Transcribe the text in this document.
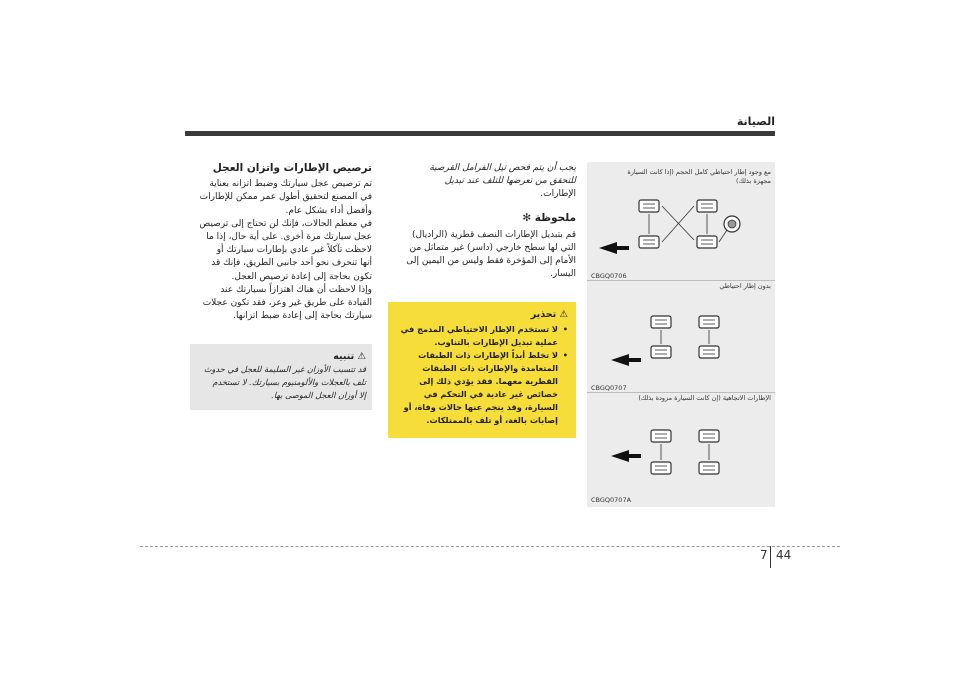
الصيانة
مع وجود إطار احتياطي كامل الحجم (إذا كانت السيارة مجهزة بذلك)
CBGQ0706
بدون إطار احتياطي
CBGQ0707
الإطارات الاتجاهية (إن كانت السيارة مزودة بذلك)
CBGQ0707A
يجب أن يتم فحص تيل الفرامل القرصية
للتحقق من تعرضها للتلف عند تبديل
الإطارات.
ملحوظة ✻
قم بتبديل الإطارات النصف قطرية (الراديال)
التي لها سطح خارجي (داسر) غير متماثل من
الأمام إلى المؤخرة فقط وليس من اليمين إلى
اليسار.
⚠ تحذير
• لا تستخدم الإطار الاحتياطي المدمج في عملية تبديل الإطارات بالتناوب.
• لا تخلط أبداً الإطارات ذات الطبقات المتعامدة والإطارات ذات الطبقات القطرية معهما. فقد يؤدي ذلك إلى خصائص غير عادية في التحكم في السيارة، وقد ينجم عنها حالات وفاة، أو إصابات بالغة، أو تلف بالممتلكات.
ترصيص الإطارات واتزان العجل
تم ترصيص عجل سيارتك وضبط اتزانه بعناية
في المصنع لتحقيق أطول عمر ممكن للإطارات
وأفضل أداء بشكل عام.
في معظم الحالات، فإنك لن تحتاج إلى ترصيص
عجل سيارتك مرة أخرى. على أية حال، إذا ما
لاحظت تآكلاً غير عادي بإطارات سيارتك أو
أنها تنحرف نحو أحد جانبي الطريق، فإنك قد
تكون بحاجة إلى إعادة ترصيص العجل.
وإذا لاحظت أن هناك اهتزازاً بسيارتك عند
القيادة على طريق غير وعر، فقد تكون عجلات
سيارتك بحاجة إلى إعادة ضبط اتزانها.
⚠ تنبيه
قد تتسبب الأوزان غير السليمة للعجل في حدوث
تلف بالعجلات والألومنيوم بسيارتك. لا تستخدم
إلا أوزان العجل الموصى بها.
7 44
